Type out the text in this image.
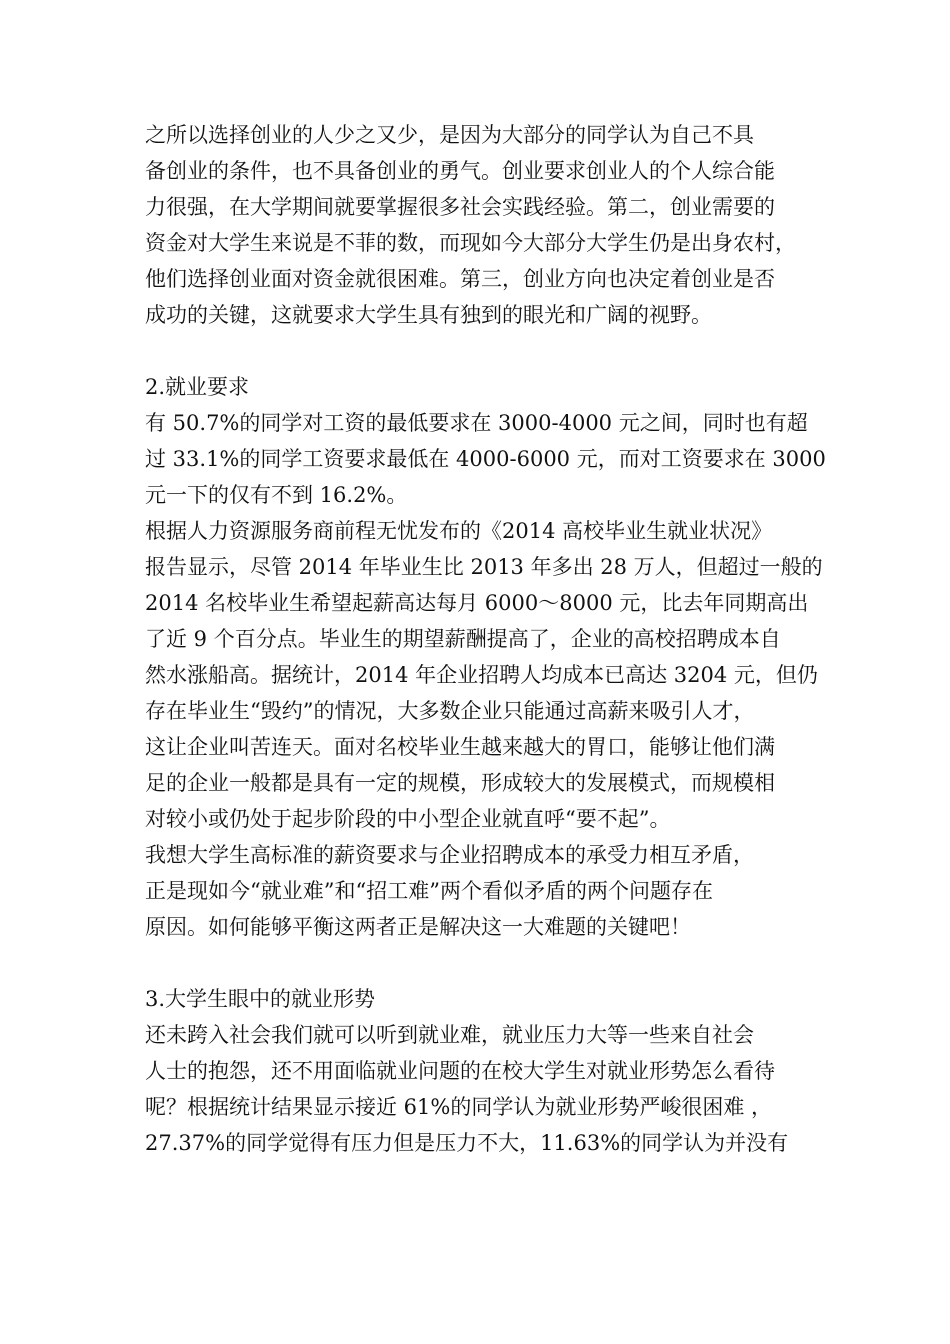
之所以选择创业的人少之又少，是因为大部分的同学认为自己不具
备创业的条件，也不具备创业的勇气。创业要求创业人的个人综合能
力很强，在大学期间就要掌握很多社会实践经验。第二，创业需要的
资金对大学生来说是不菲的数，而现如今大部分大学生仍是出身农村，
他们选择创业面对资金就很困难。第三，创业方向也决定着创业是否
成功的关键，这就要求大学生具有独到的眼光和广阔的视野。
2.就业要求
有 50.7%的同学对工资的最低要求在 3000-4000 元之间，同时也有超
过 33.1%的同学工资要求最低在 4000-6000 元，而对工资要求在 3000
元一下的仅有不到 16.2%。
根据人力资源服务商前程无忧发布的《2014 高校毕业生就业状况》
报告显示，尽管 2014 年毕业生比 2013 年多出 28 万人，但超过一般的
2014 名校毕业生希望起薪高达每月 6000～8000 元，比去年同期高出
了近 9 个百分点。毕业生的期望薪酬提高了，企业的高校招聘成本自
然水涨船高。据统计，2014 年企业招聘人均成本已高达 3204 元，但仍
存在毕业生“毁约”的情况，大多数企业只能通过高薪来吸引人才，
这让企业叫苦连天。面对名校毕业生越来越大的胃口，能够让他们满
足的企业一般都是具有一定的规模，形成较大的发展模式，而规模相
对较小或仍处于起步阶段的中小型企业就直呼“要不起”。
我想大学生高标准的薪资要求与企业招聘成本的承受力相互矛盾，
正是现如今“就业难”和“招工难”两个看似矛盾的两个问题存在
原因。如何能够平衡这两者正是解决这一大难题的关键吧！
3.大学生眼中的就业形势
还未跨入社会我们就可以听到就业难，就业压力大等一些来自社会
人士的抱怨，还不用面临就业问题的在校大学生对就业形势怎么看待
呢？根据统计结果显示接近 61%的同学认为就业形势严峻很困难 ，
27.37%的同学觉得有压力但是压力不大，11.63%的同学认为并没有
